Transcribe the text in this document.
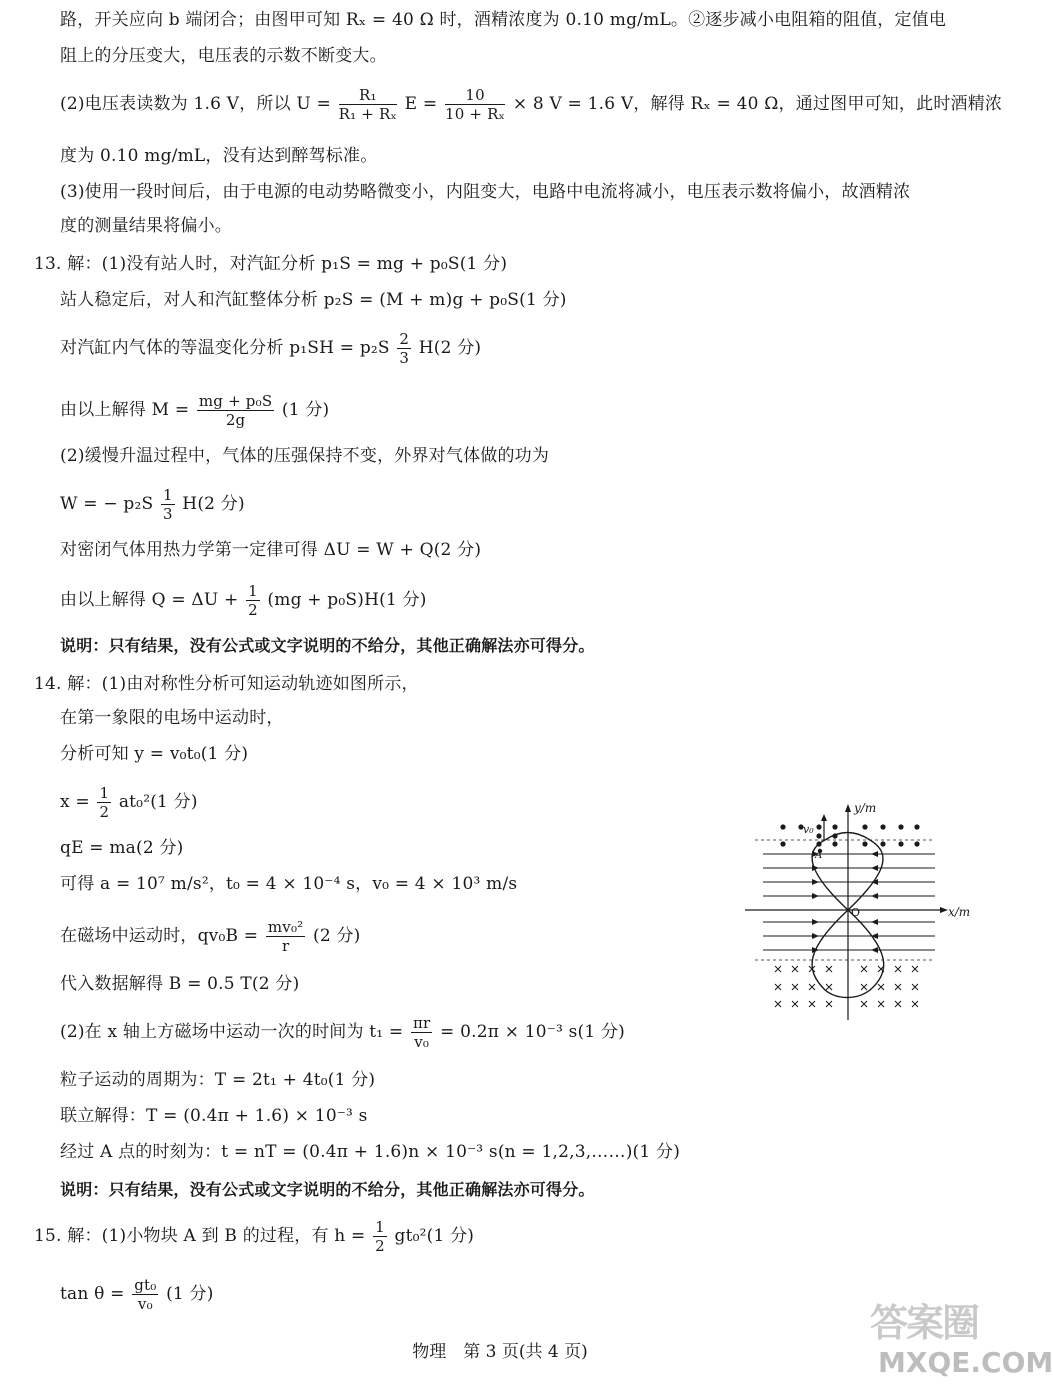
路，开关应向 b 端闭合；由图甲可知 Rₓ = 40 Ω 时，酒精浓度为 0.10 mg/mL。②逐步减小电阻箱的阻值，定值电
阻上的分压变大，电压表的示数不断变大。
(2)电压表读数为 1.6 V，所以 $U = \frac{\text{R₁}}{\text{R₁ + Rₓ}}$ $E = \frac{10}{\text{10 + Rₓ}} \times 8$ V = 1.6 V，解得 Rₓ = 40 Ω，通过图甲可知，此时酒精浓
度为 0.10 mg/mL，没有达到醉驾标准。
(3)使用一段时间后，由于电源的电动势略微变小，内阻变大，电路中电流将减小，电压表示数将偏小，故酒精浓
度的测量结果将偏小。
13. 解：(1)没有站人时，对汽缸分析 p₁S = mg + p₀S(1 分)
站人稳定后，对人和汽缸整体分析 p₂S = (M + m)g + p₀S(1 分)
对汽缸内气体的等温变化分析 $p_1SH = p_2S \frac{2}{3} H(2$ 分)
由以上解得 $M = \frac{\text{mg + p₀S}}{2g} (1$ 分)
(2)缓慢升温过程中，气体的压强保持不变，外界对气体做的功为
W = − $p_2S \frac{1}{3} H(2$ 分)
对密闭气体用热力学第一定律可得 ΔU = W + Q(2 分)
由以上解得 $Q = \Delta U + \frac{1}{2} (mg + p_0S)H(1$ 分)
说明：只有结果，没有公式或文字说明的不给分，其他正确解法亦可得分。
14. 解：(1)由对称性分析可知运动轨迹如图所示，
在第一象限的电场中运动时，
分析可知 y = v₀t₀(1 分)
$x = \frac{1}{2} at_0^2(1$ 分)
qE = ma(2 分)
可得 a = 10⁷ m/s²，t₀ = 4 × 10⁻⁴ s，v₀ = 4 × 10³ m/s
在磁场中运动时，$qv_0B = \frac{\text{mv₀²}}{r} (2$ 分)
代入数据解得 B = 0.5 T(2 分)
(2)在 x 轴上方磁场中运动一次的时间为 $t_1 = \frac{\pi r}{\text{v₀}} = 0.2\pi \times 10^{-3}$ s(1 分)
粒子运动的周期为：T = 2t₁ + 4t₀(1 分)
联立解得：T = (0.4π + 1.6) × 10⁻³ s
经过 A 点的时刻为：t = nT = (0.4π + 1.6)n × 10⁻³ s(n = 1,2,3,……)(1 分)
说明：只有结果，没有公式或文字说明的不给分，其他正确解法亦可得分。
15. 解：(1)小物块 A 到 B 的过程，有 $h = \frac{1}{2} gt_0^2(1$ 分)
$\tan \theta = \frac{\text{gt₀}}{\text{v₀}} (1$ 分)
y/m
x/m
O
v₀
A
物理　第 3 页(共 4 页)
答案圈
MXQE.COM
